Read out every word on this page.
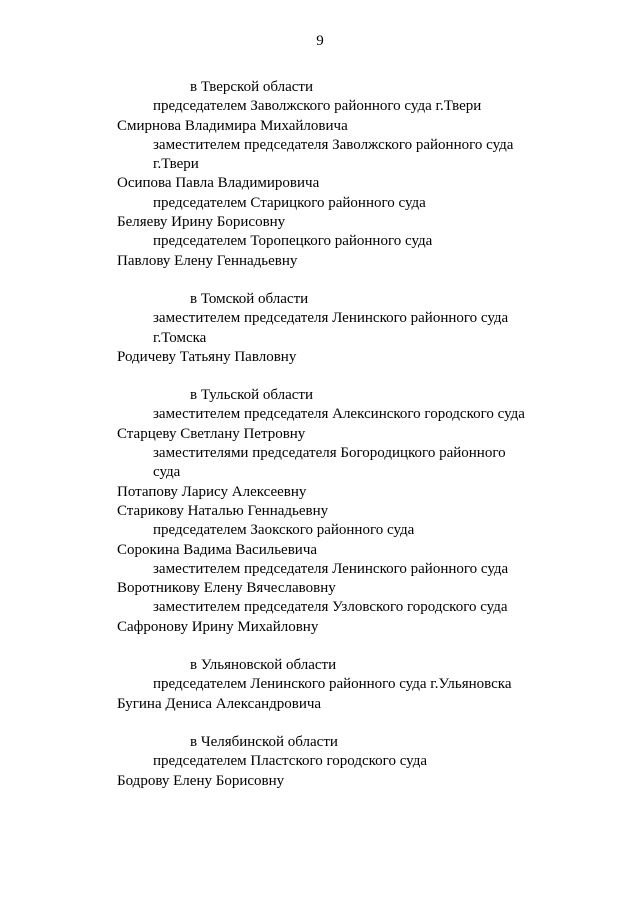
9
в Тверской области
председателем Заволжского районного суда г.Твери
Смирнова Владимира Михайловича
заместителем председателя Заволжского районного суда
г.Твери
Осипова Павла Владимировича
председателем Старицкого районного суда
Беляеву Ирину Борисовну
председателем Торопецкого районного суда
Павлову Елену Геннадьевну
в Томской области
заместителем председателя Ленинского районного суда
г.Томска
Родичеву Татьяну Павловну
в Тульской области
заместителем председателя Алексинского городского суда
Старцеву Светлану Петровну
заместителями председателя Богородицкого районного
суда
Потапову Ларису Алексеевну
Старикову Наталью Геннадьевну
председателем Заокского районного суда
Сорокина Вадима Васильевича
заместителем председателя Ленинского районного суда
Воротникову Елену Вячеславовну
заместителем председателя Узловского городского суда
Сафронову Ирину Михайловну
в Ульяновской области
председателем Ленинского районного суда г.Ульяновска
Бугина Дениса Александровича
в Челябинской области
председателем Пластского городского суда
Бодрову Елену Борисовну
